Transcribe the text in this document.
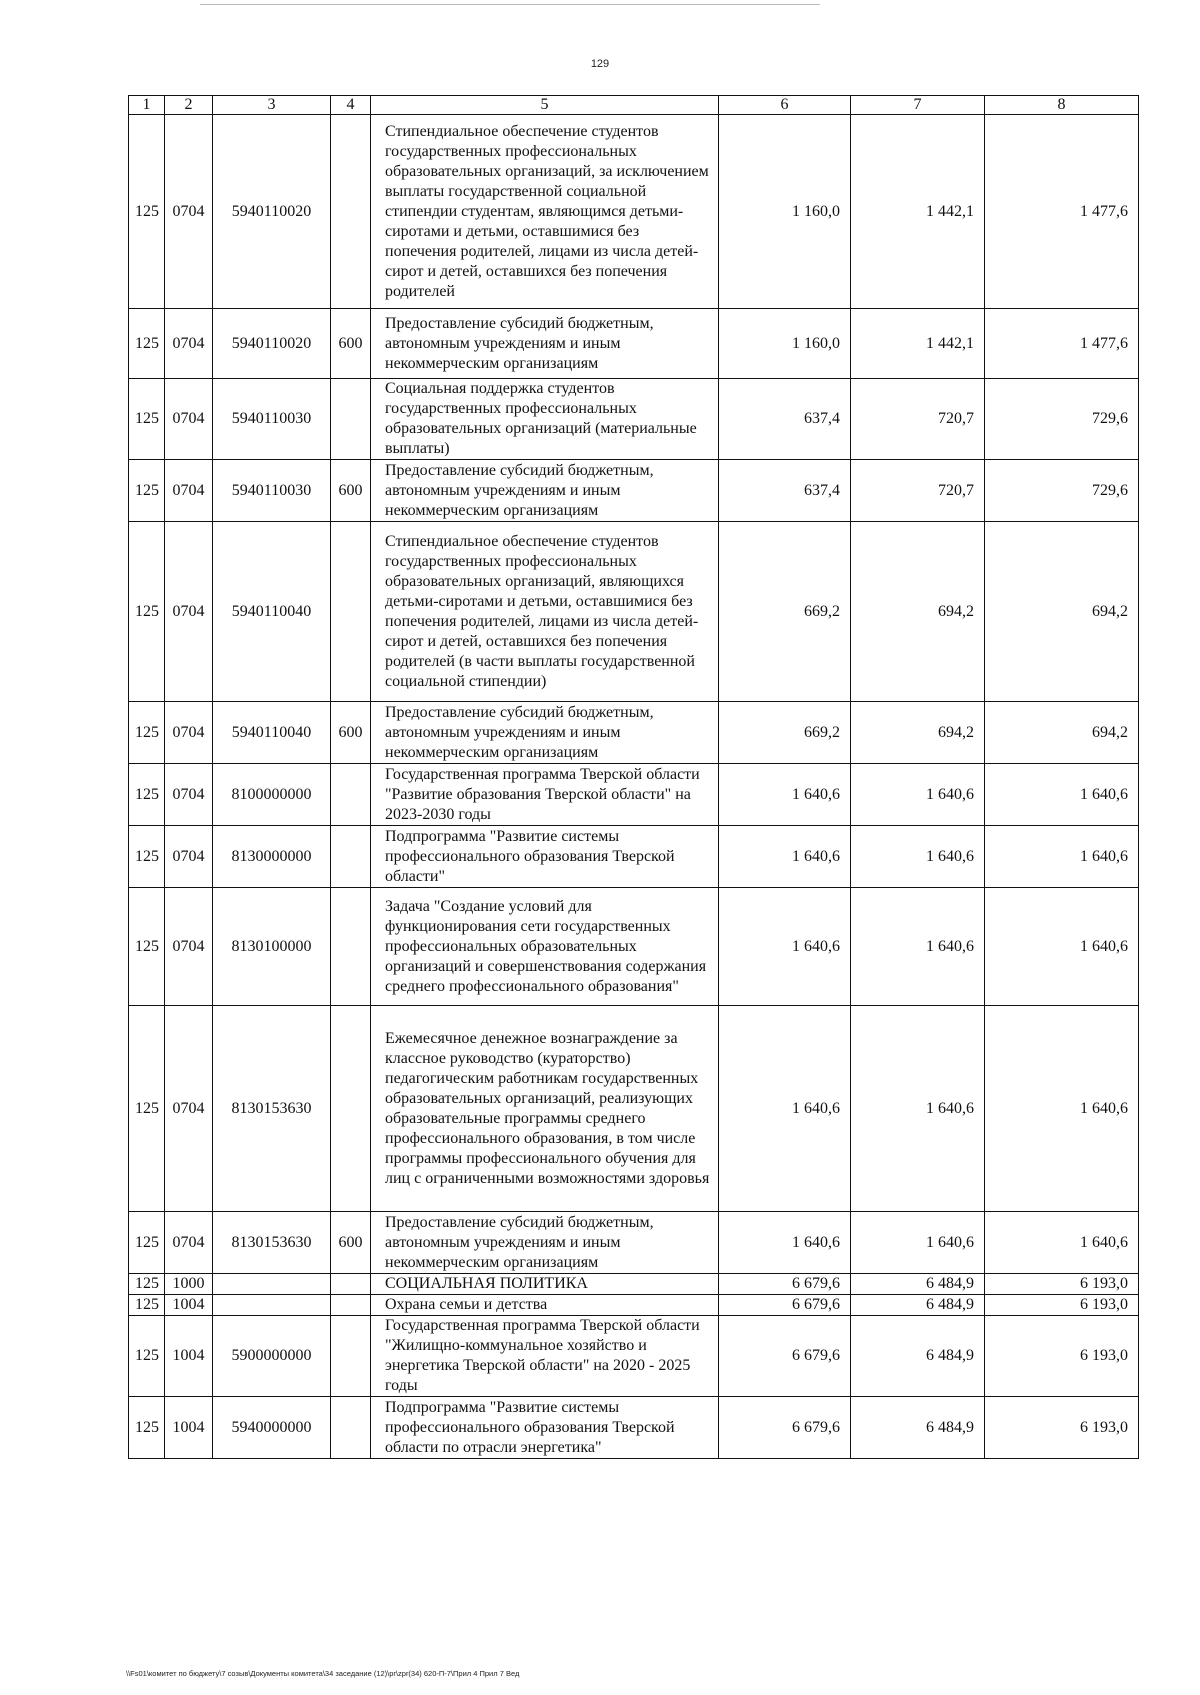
129
1	2	3	4	5	6	7	8
125	0704	5940110020		Стипендиальное обеспечение студентов государственных профессиональных образовательных организаций, за исключением выплаты государственной социальной стипендии студентам, являющимся детьми-сиротами и детьми, оставшимися без попечения родителей, лицами из числа детей-сирот и детей, оставшихся без попечения родителей	1 160,0	1 442,1	1 477,6
125	0704	5940110020	600	Предоставление субсидий бюджетным, автономным учреждениям и иным некоммерческим организациям	1 160,0	1 442,1	1 477,6
125	0704	5940110030		Социальная поддержка студентов государственных профессиональных образовательных организаций (материальные выплаты)	637,4	720,7	729,6
125	0704	5940110030	600	Предоставление субсидий бюджетным, автономным учреждениям и иным некоммерческим организациям	637,4	720,7	729,6
125	0704	5940110040		Стипендиальное обеспечение студентов государственных профессиональных образовательных организаций, являющихся детьми-сиротами и детьми, оставшимися без попечения родителей, лицами из числа детей-сирот и детей, оставшихся без попечения родителей (в части выплаты государственной социальной стипендии)	669,2	694,2	694,2
125	0704	5940110040	600	Предоставление субсидий бюджетным, автономным учреждениям и иным некоммерческим организациям	669,2	694,2	694,2
125	0704	8100000000		Государственная программа Тверской области "Развитие образования Тверской области" на 2023-2030 годы	1 640,6	1 640,6	1 640,6
125	0704	8130000000		Подпрограмма "Развитие системы профессионального образования Тверской области"	1 640,6	1 640,6	1 640,6
125	0704	8130100000		Задача "Создание условий для функционирования сети государственных профессиональных образовательных организаций и совершенствования содержания среднего профессионального образования"	1 640,6	1 640,6	1 640,6
125	0704	8130153630		Ежемесячное денежное вознаграждение за классное руководство (кураторство) педагогическим работникам государственных образовательных организаций, реализующих образовательные программы среднего профессионального образования, в том числе программы профессионального обучения для лиц с ограниченными возможностями здоровья	1 640,6	1 640,6	1 640,6
125	0704	8130153630	600	Предоставление субсидий бюджетным, автономным учреждениям и иным некоммерческим организациям	1 640,6	1 640,6	1 640,6
125	1000			СОЦИАЛЬНАЯ ПОЛИТИКА	6 679,6	6 484,9	6 193,0
125	1004			Охрана семьи и детства	6 679,6	6 484,9	6 193,0
125	1004	5900000000		Государственная программа Тверской области "Жилищно-коммунальное хозяйство и энергетика Тверской области" на 2020 - 2025 годы	6 679,6	6 484,9	6 193,0
125	1004	5940000000		Подпрограмма "Развитие системы профессионального образования Тверской области по отрасли энергетика"	6 679,6	6 484,9	6 193,0
\\Fs01\комитет по бюджету\7 созыв\Документы комитета\34 заседание (12)\pr\zpr(34) 620-П-7\Прил 4 Прил 7 Вед
